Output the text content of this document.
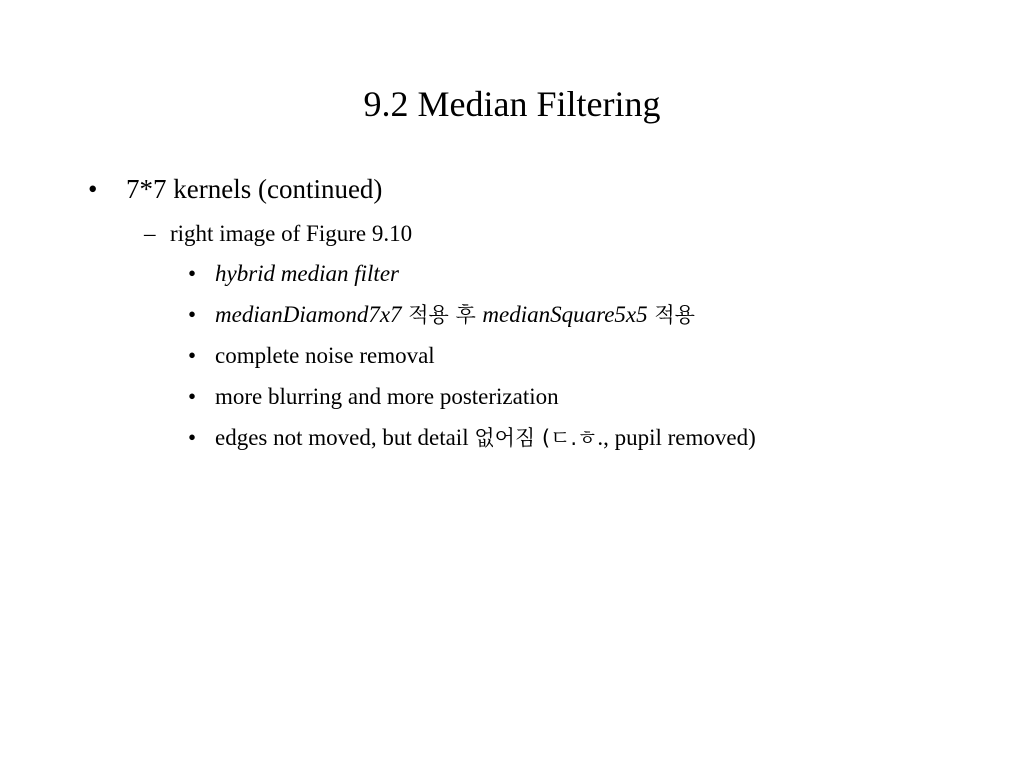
9.2 Median Filtering
• 7*7 kernels (continued)
– right image of Figure 9.10
• hybrid median filter
• medianDiamond7x7 적용 후 medianSquare5x5 적용
• complete noise removal
• more blurring and more posterization
• edges not moved, but detail 없어짐 (ㄷ.ㅎ., pupil removed)
